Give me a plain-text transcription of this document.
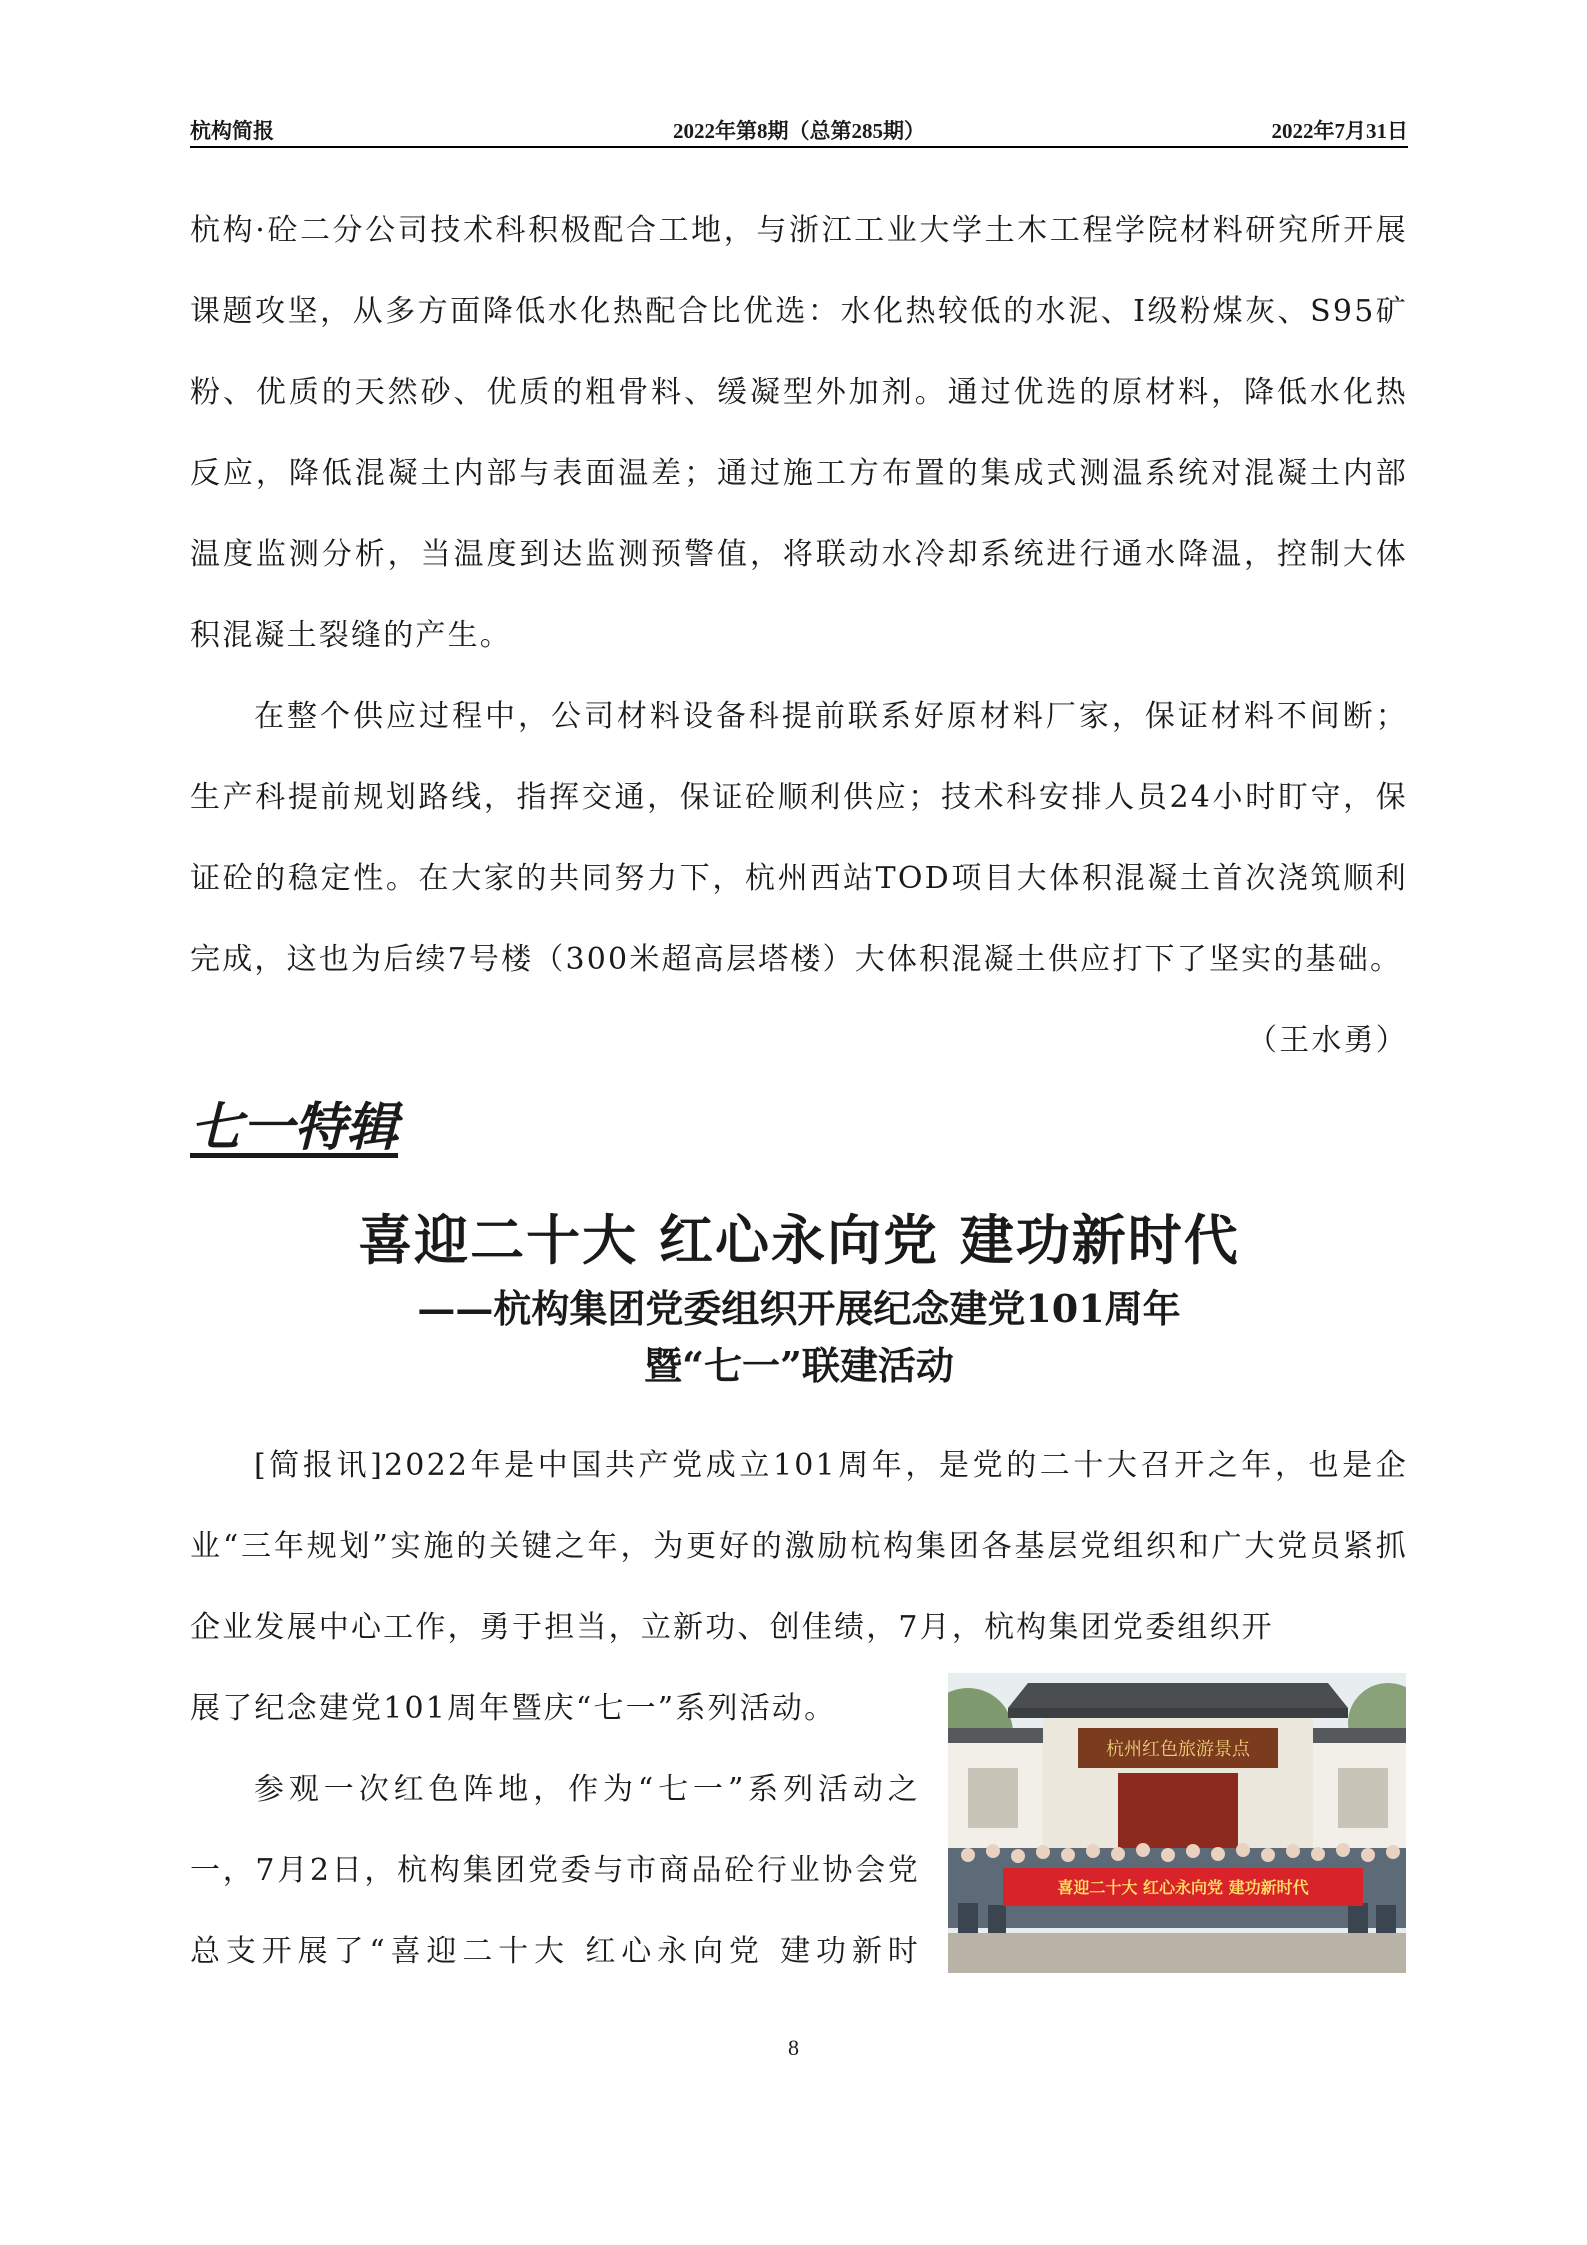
杭构简报	2022年第8期（总第285期）	2022年7月31日
杭构·砼二分公司技术科积极配合工地，与浙江工业大学土木工程学院材料研究所开展课题攻坚，从多方面降低水化热配合比优选：水化热较低的水泥、I级粉煤灰、S95矿粉、优质的天然砂、优质的粗骨料、缓凝型外加剂。通过优选的原材料，降低水化热反应，降低混凝土内部与表面温差；通过施工方布置的集成式测温系统对混凝土内部温度监测分析，当温度到达监测预警值，将联动水冷却系统进行通水降温，控制大体积混凝土裂缝的产生。
在整个供应过程中，公司材料设备科提前联系好原材料厂家，保证材料不间断；生产科提前规划路线，指挥交通，保证砼顺利供应；技术科安排人员24小时盯守，保证砼的稳定性。在大家的共同努力下，杭州西站TOD项目大体积混凝土首次浇筑顺利完成，这也为后续7号楼（300米超高层塔楼）大体积混凝土供应打下了坚实的基础。
（王水勇）
七一特辑
喜迎二十大 红心永向党 建功新时代
——杭构集团党委组织开展纪念建党101周年
暨“七一”联建活动
[简报讯]2022年是中国共产党成立101周年，是党的二十大召开之年，也是企业“三年规划”实施的关键之年，为更好的激励杭构集团各基层党组织和广大党员紧抓企业发展中心工作，勇于担当，立新功、创佳绩，7月，杭构集团党委组织开
展了纪念建党101周年暨庆“七一”系列活动。
参观一次红色阵地，作为“七一”系列活动之一，7月2日，杭构集团党委与市商品砼行业协会党总支开展了“喜迎二十大 红心永向党 建功新时
杭州红色旅游景点
喜迎二十大 红心永向党 建功新时代
8
